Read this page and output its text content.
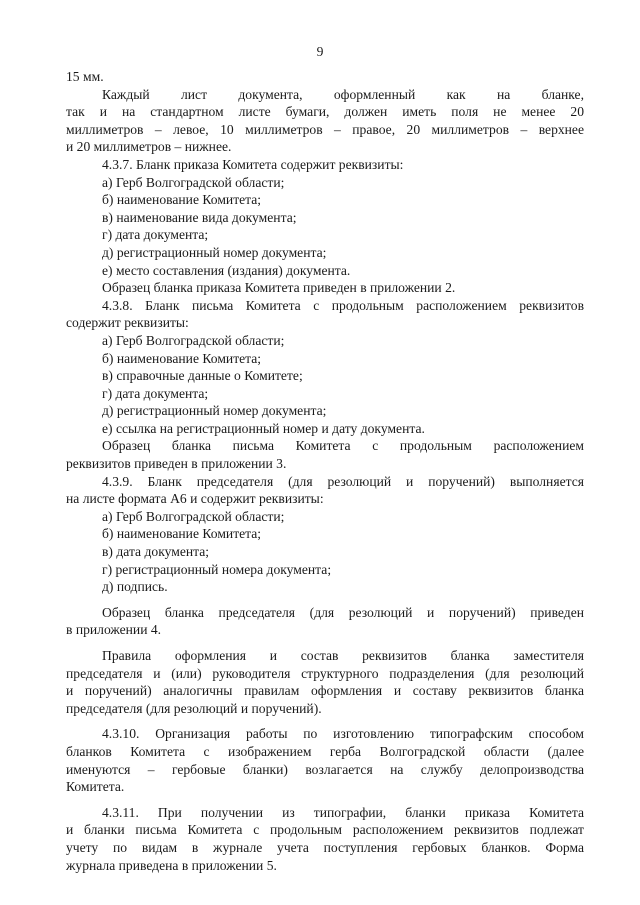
9

15 мм.

Каждый лист документа, оформленный как на бланке,

так и на стандартном листе бумаги, должен иметь поля не менее 20

миллиметров – левое, 10 миллиметров – правое, 20 миллиметров – верхнее

и 20 миллиметров – нижнее.

4.3.7. Бланк приказа Комитета содержит реквизиты:

а) Герб Волгоградской области;

б) наименование Комитета;

в) наименование вида документа;

г) дата документа;

д) регистрационный номер документа;

е) место составления (издания) документа.

Образец бланка приказа Комитета приведен в приложении 2.

4.3.8. Бланк письма Комитета с продольным расположением реквизитов

содержит реквизиты:

а) Герб Волгоградской области;

б) наименование Комитета;

в) справочные данные о Комитете;

г) дата документа;

д) регистрационный номер документа;

е) ссылка на регистрационный номер и дату документа.

Образец бланка письма Комитета с продольным расположением

реквизитов приведен в приложении 3.

4.3.9. Бланк председателя (для резолюций и поручений) выполняется

на листе формата А6 и содержит реквизиты:

а) Герб Волгоградской области;

б) наименование Комитета;

в) дата документа;

г) регистрационный номера документа;

д) подпись.

Образец бланка председателя (для резолюций и поручений) приведен

в приложении 4.

Правила оформления и состав реквизитов бланка заместителя

председателя и (или) руководителя структурного подразделения (для резолюций

и поручений) аналогичны правилам оформления и составу реквизитов бланка

председателя (для резолюций и поручений).

4.3.10. Организация работы по изготовлению типографским способом

бланков Комитета с изображением герба Волгоградской области (далее

именуются – гербовые бланки) возлагается на службу делопроизводства

Комитета.

4.3.11. При получении из типографии, бланки приказа Комитета

и бланки письма Комитета с продольным расположением реквизитов подлежат

учету по видам в журнале учета поступления гербовых бланков. Форма

журнала приведена в приложении 5.
